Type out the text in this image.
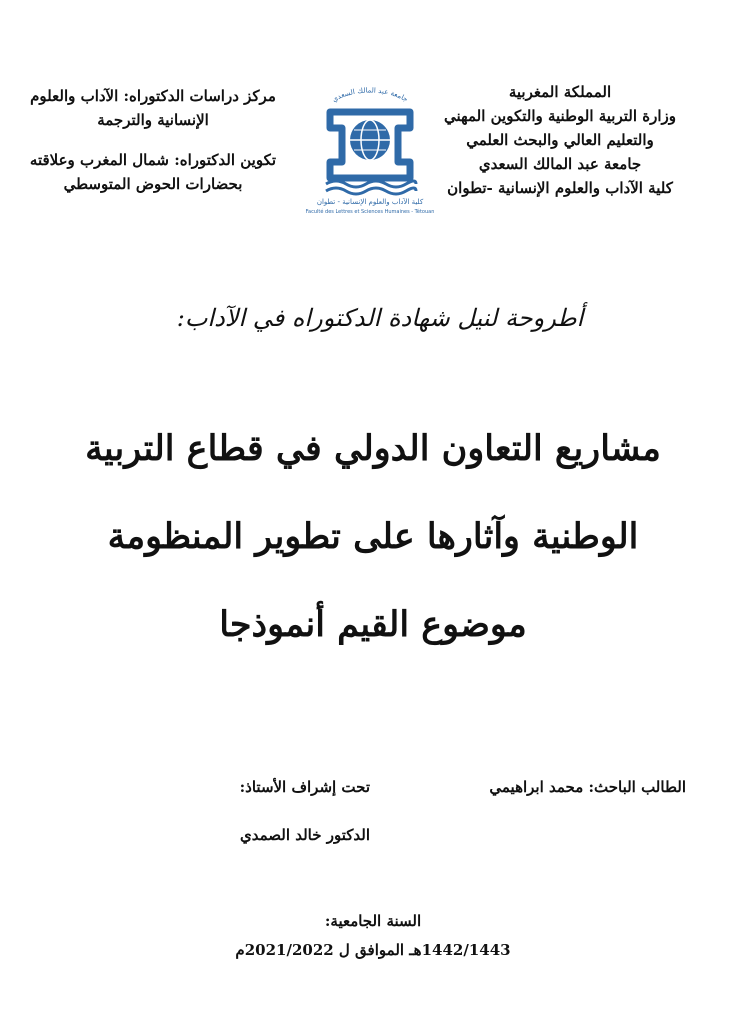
المملكة المغربية
وزارة التربية الوطنية والتكوين المهني
والتعليم العالي والبحث العلمي
جامعة عبد المالك السعدي
كلية الآداب والعلوم الإنسانية -تطوان
مركز دراسات الدكتوراه: الآداب والعلوم
الإنسانية والترجمة
تكوين الدكتوراه: شمال المغرب وعلاقته
بحضارات الحوض المتوسطي
جامعة عبد المالك السعدي
كلية الآداب والعلوم الإنسانية - تطوان
Faculté des Lettres et Sciences Humaines - Tétouan
أطروحة لنيل شهادة الدكتوراه في الآداب:
مشاريع التعاون الدولي في قطاع التربية
الوطنية وآثارها على تطوير المنظومة
موضوع القيم أنموذجا
الطالب الباحث: محمد ابراهيمي
تحت إشراف الأستاذ:
الدكتور خالد الصمدي
السنة الجامعية:
1442/1443هـ الموافق ل 2021/2022م
